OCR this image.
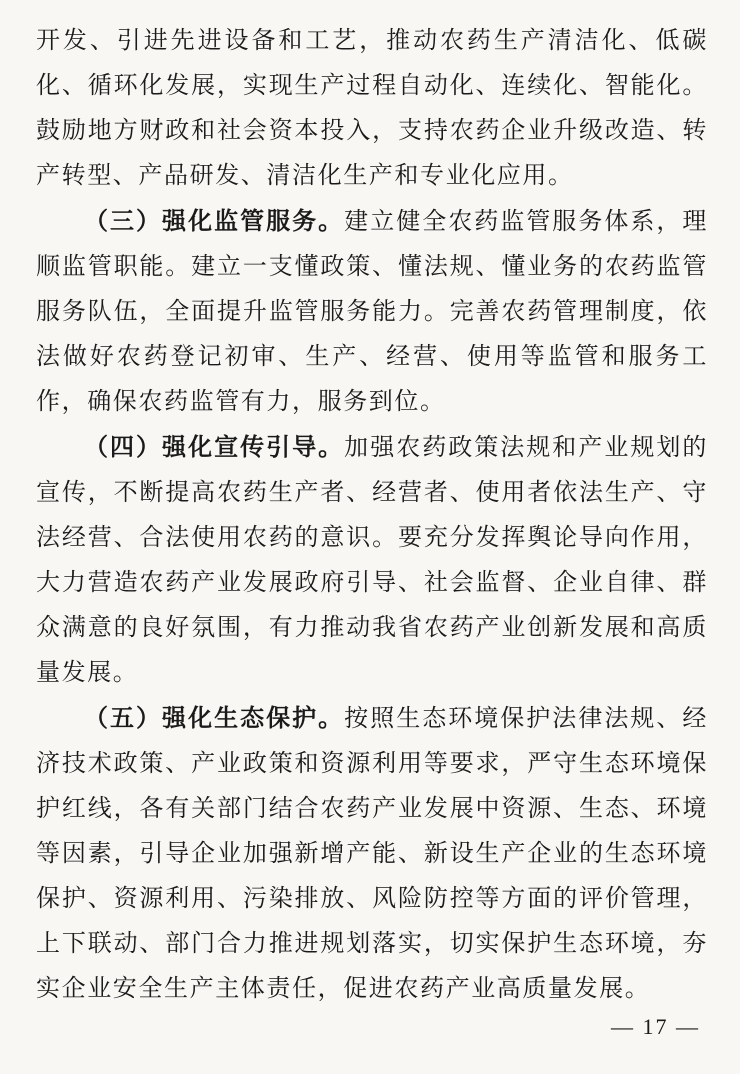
开发、引进先进设备和工艺，推动农药生产清洁化、低碳化、循环化发展，实现生产过程自动化、连续化、智能化。鼓励地方财政和社会资本投入，支持农药企业升级改造、转产转型、产品研发、清洁化生产和专业化应用。

（三）强化监管服务。建立健全农药监管服务体系，理顺监管职能。建立一支懂政策、懂法规、懂业务的农药监管服务队伍，全面提升监管服务能力。完善农药管理制度，依法做好农药登记初审、生产、经营、使用等监管和服务工作，确保农药监管有力，服务到位。

（四）强化宣传引导。加强农药政策法规和产业规划的宣传，不断提高农药生产者、经营者、使用者依法生产、守法经营、合法使用农药的意识。要充分发挥舆论导向作用，大力营造农药产业发展政府引导、社会监督、企业自律、群众满意的良好氛围，有力推动我省农药产业创新发展和高质量发展。

（五）强化生态保护。按照生态环境保护法律法规、经济技术政策、产业政策和资源利用等要求，严守生态环境保护红线，各有关部门结合农药产业发展中资源、生态、环境等因素，引导企业加强新增产能、新设生产企业的生态环境保护、资源利用、污染排放、风险防控等方面的评价管理，上下联动、部门合力推进规划落实，切实保护生态环境，夯实企业安全生产主体责任，促进农药产业高质量发展。

— 17 —
